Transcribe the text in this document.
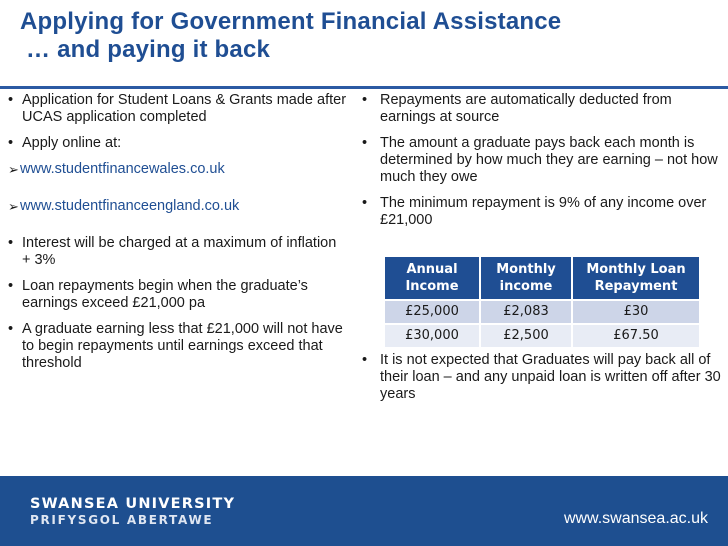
Applying for Government Financial Assistance
… and paying it back
• Application for Student Loans & Grants made after UCAS application completed
• Apply online at:
➢ www.studentfinancewales.co.uk
➢ www.studentfinanceengland.co.uk
• Interest will be charged at a maximum of inflation + 3%
• Loan repayments begin when the graduate’s earnings exceed £21,000 pa
• A graduate earning less that £21,000 will not have to begin repayments until earnings exceed that threshold
• Repayments are automatically deducted from earnings at source
• The amount a graduate pays back each month is determined by how much they are earning – not how much they owe
• The minimum repayment is 9% of any income over £21,000
Annual Income	Monthly income	Monthly Loan Repayment
£25,000	£2,083	£30
£30,000	£2,500	£67.50
• It is not expected that Graduates will pay back all of their loan – and any unpaid loan is written off after 30 years
SWANSEA UNIVERSITY
PRIFYSGOL ABERTAWE	www.swansea.ac.uk
